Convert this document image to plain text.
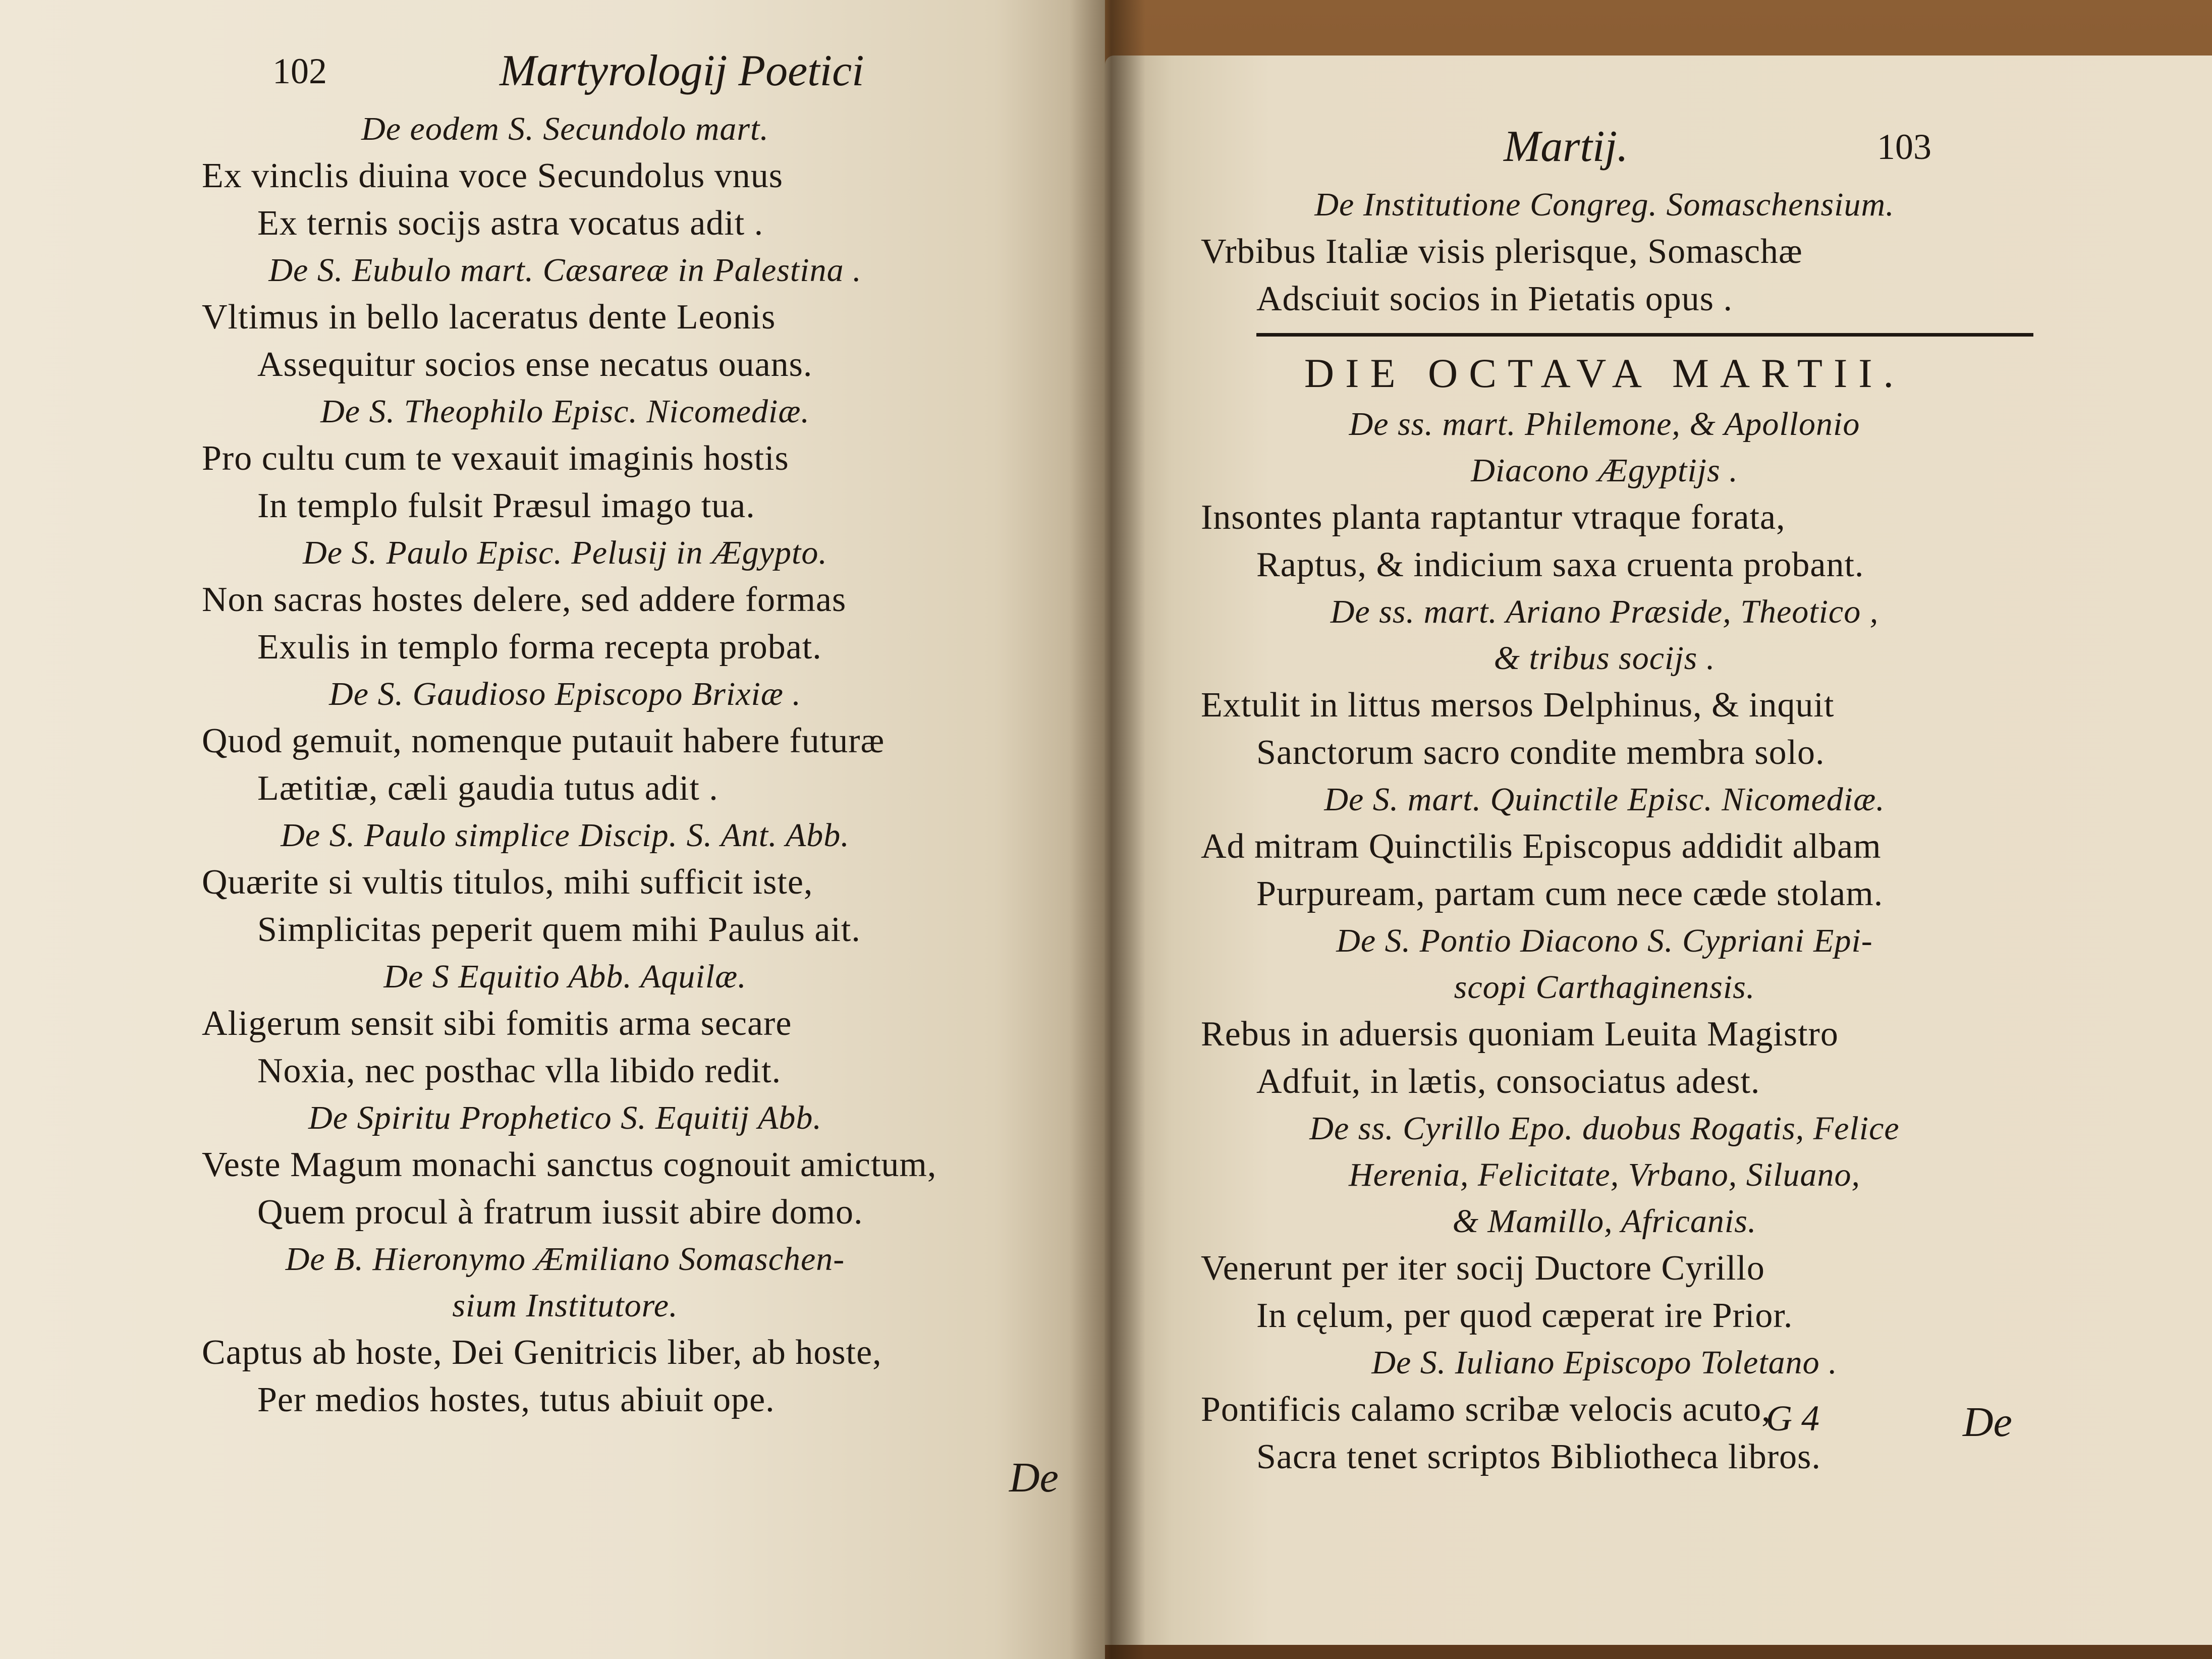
102	Martyrologij Poetici
De eodem S. Secundolo mart.
Ex vinclis diuina voce Secundolus vnus
Ex ternis socijs astra vocatus adit .
De S. Eubulo mart. Cæsareæ in Palestina .
Vltimus in bello laceratus dente Leonis
Assequitur socios ense necatus ouans.
De S. Theophilo Episc. Nicomediæ.
Pro cultu cum te vexauit imaginis hostis
In templo fulsit Præsul imago tua.
De S. Paulo Episc. Pelusij in Ægypto.
Non sacras hostes delere, sed addere formas
Exulis in templo forma recepta probat.
De S. Gaudioso Episcopo Brixiæ .
Quod gemuit, nomenque putauit habere futuræ
Lætitiæ, cæli gaudia tutus adit .
De S. Paulo simplice Discip. S. Ant. Abb.
Quærite si vultis titulos, mihi sufficit iste,
Simplicitas peperit quem mihi Paulus ait.
De S Equitio Abb. Aquilæ.
Aligerum sensit sibi fomitis arma secare
Noxia, nec posthac vlla libido redit.
De Spiritu Prophetico S. Equitij Abb.
Veste Magum monachi sanctus cognouit amictum,
Quem procul à fratrum iussit abire domo.
De B. Hieronymo Æmiliano Somaschen-
sium Institutore.
Captus ab hoste, Dei Genitricis liber, ab hoste,
Per medios hostes, tutus abiuit ope.
De
Martij.	103
De Institutione Congreg. Somaschensium.
Vrbibus Italiæ visis plerisque, Somaschæ
Adsciuit socios in Pietatis opus .
DIE OCTAVA MARTII.
De ss. mart. Philemone, & Apollonio
Diacono Ægyptijs .
Insontes planta raptantur vtraque forata,
Raptus, & indicium saxa cruenta probant.
De ss. mart. Ariano Præside, Theotico ,
& tribus socijs .
Extulit in littus mersos Delphinus, & inquit
Sanctorum sacro condite membra solo.
De S. mart. Quinctile Episc. Nicomediæ.
Ad mitram Quinctilis Episcopus addidit albam
Purpuream, partam cum nece cæde stolam.
De S. Pontio Diacono S. Cypriani Epi-
scopi Carthaginensis.
Rebus in aduersis quoniam Leuita Magistro
Adfuit, in lætis, consociatus adest.
De ss. Cyrillo Epo. duobus Rogatis, Felice
Herenia, Felicitate, Vrbano, Siluano,
& Mamillo, Africanis.
Venerunt per iter socij Ductore Cyrillo
In cęlum, per quod cæperat ire Prior.
De S. Iuliano Episcopo Toletano .
Pontificis calamo scribæ velocis acuto,
Sacra tenet scriptos Bibliotheca libros.
G 4	De
